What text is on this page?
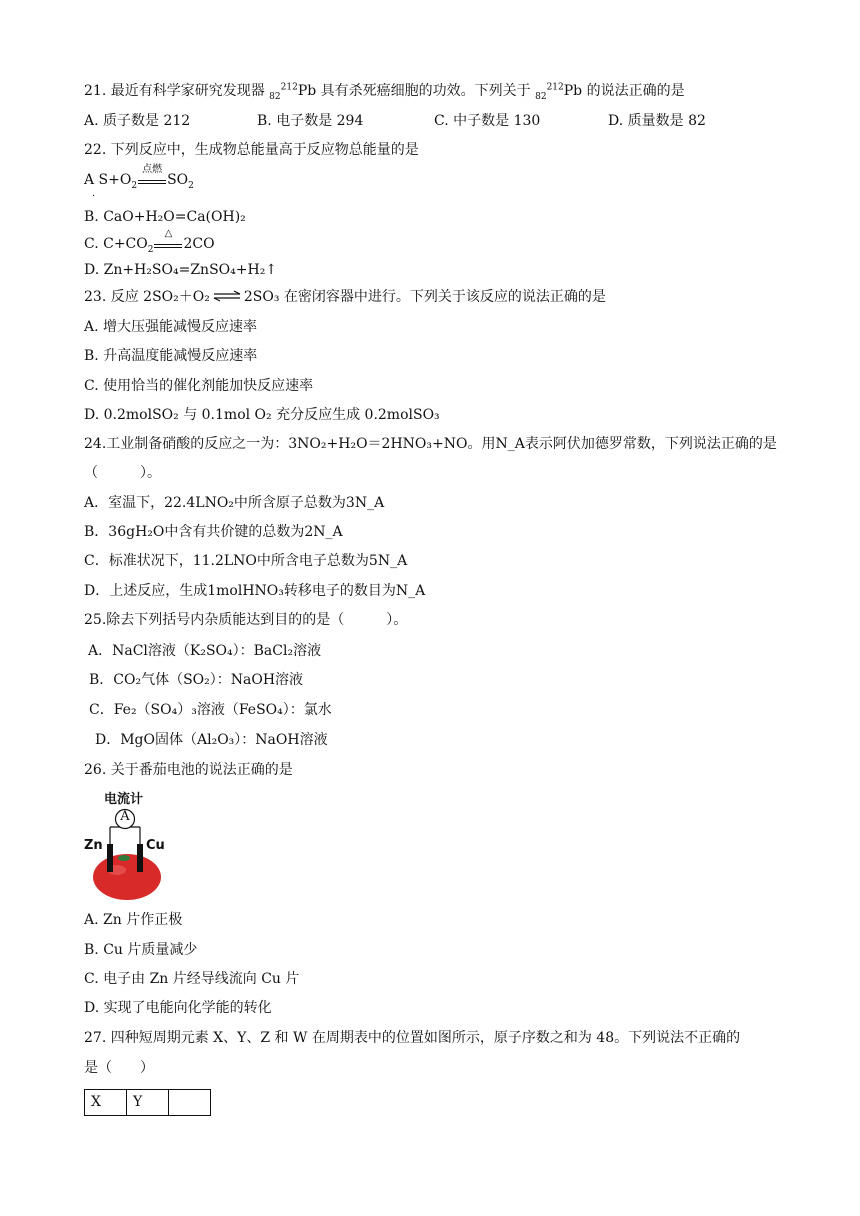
21. 最近有科学家研究发现器 $_{82}^{212}$Pb 具有杀死癌细胞的功效。下列关于 $_{82}^{212}$Pb 的说法正确的是
A. 质子数是 212	B. 电子数是 294	C. 中子数是 130	D. 质量数是 82
22. 下列反应中，生成物总能量高于反应物总能量的是
A $S+O_2$
点燃
$SO_2$
·
B. CaO+H₂O=Ca(OH)₂
C. $C+CO_2$
△
2CO
D. Zn+H₂SO₄=ZnSO₄+H₂↑
23. 反应 2SO₂＋O₂ ⇌ 2SO₃ 在密闭容器中进行。下列关于该反应的说法正确的是
A. 增大压强能减慢反应速率
B. 升高温度能减慢反应速率
C. 使用恰当的催化剂能加快反应速率
D. 0.2molSO₂ 与 0.1mol O₂ 充分反应生成 0.2molSO₃
24.工业制备硝酸的反应之一为：3NO₂+H₂O＝2HNO₃+NO。用N_A表示阿伏加德罗常数，下列说法正确的是
（　　　）。
A．室温下，22.4LNO₂中所含原子总数为3N_A
B．36gH₂O中含有共价键的总数为2N_A
C．标准状况下，11.2LNO中所含电子总数为5N_A
D．上述反应，生成1molHNO₃转移电子的数目为N_A
25.除去下列括号内杂质能达到目的的是（　　　）。
A．NaCl溶液（K₂SO₄）：BaCl₂溶液
B．CO₂气体（SO₂）：NaOH溶液
C．Fe₂（SO₄）₃溶液（FeSO₄）：氯水
D．MgO固体（Al₂O₃）：NaOH溶液
26. 关于番茄电池的说法正确的是
电流计
A
Zn	Cu
A. Zn 片作正极
B. Cu 片质量减少
C. 电子由 Zn 片经导线流向 Cu 片
D. 实现了电能向化学能的转化
27. 四种短周期元素 X、Y、Z 和 W 在周期表中的位置如图所示，原子序数之和为 48。下列说法不正确的
是（　　）
X	Y	
